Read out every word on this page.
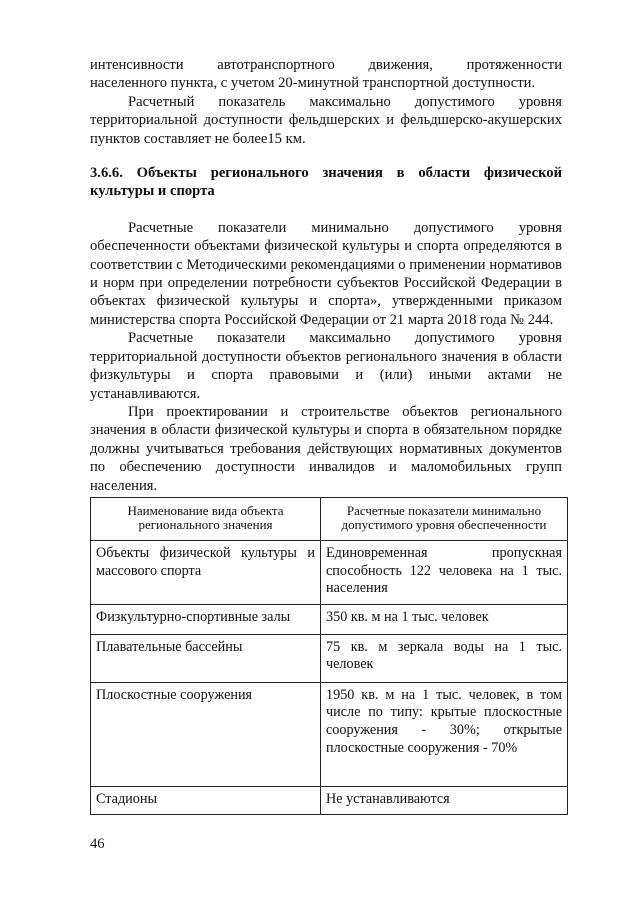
интенсивности автотранспортного движения, протяженности

населенного пункта, с учетом 20-минутной транспортной доступности.

Расчетный показатель максимально допустимого уровня территориальной доступности фельдшерских и фельдшерско-акушерских пунктов составляет не более15 км.

3.6.6. Объекты регионального значения в области физической культуры и спорта

Расчетные показатели минимально допустимого уровня обеспеченности объектами физической культуры и спорта определяются в соответствии с Методическими рекомендациями о применении нормативов и норм при определении потребности субъектов Российской Федерации в объектах физической культуры и спорта», утвержденными приказом министерства спорта Российской Федерации от 21 марта 2018 года № 244.

Расчетные показатели максимально допустимого уровня территориальной доступности объектов регионального значения в области физкультуры и спорта правовыми и (или) иными актами не устанавливаются.

При проектировании и строительстве объектов регионального значения в области физической культуры и спорта в обязательном порядке должны учитываться требования действующих нормативных документов по обеспечению доступности инвалидов и маломобильных групп населения.

Наименование вида объекта регионального значения	Расчетные показатели минимально допустимого уровня обеспеченности
Объекты физической культуры и массового спорта	Единовременная пропускная способность 122 человека на 1 тыс. населения
Физкультурно-спортивные залы	350 кв. м на 1 тыс. человек
Плавательные бассейны	75 кв. м зеркала воды на 1 тыс. человек
Плоскостные сооружения	1950 кв. м на 1 тыс. человек, в том числе по типу: крытые плоскостные сооружения - 30%; открытые плоскостные сооружения - 70%
Стадионы	Не устанавливаются
46
